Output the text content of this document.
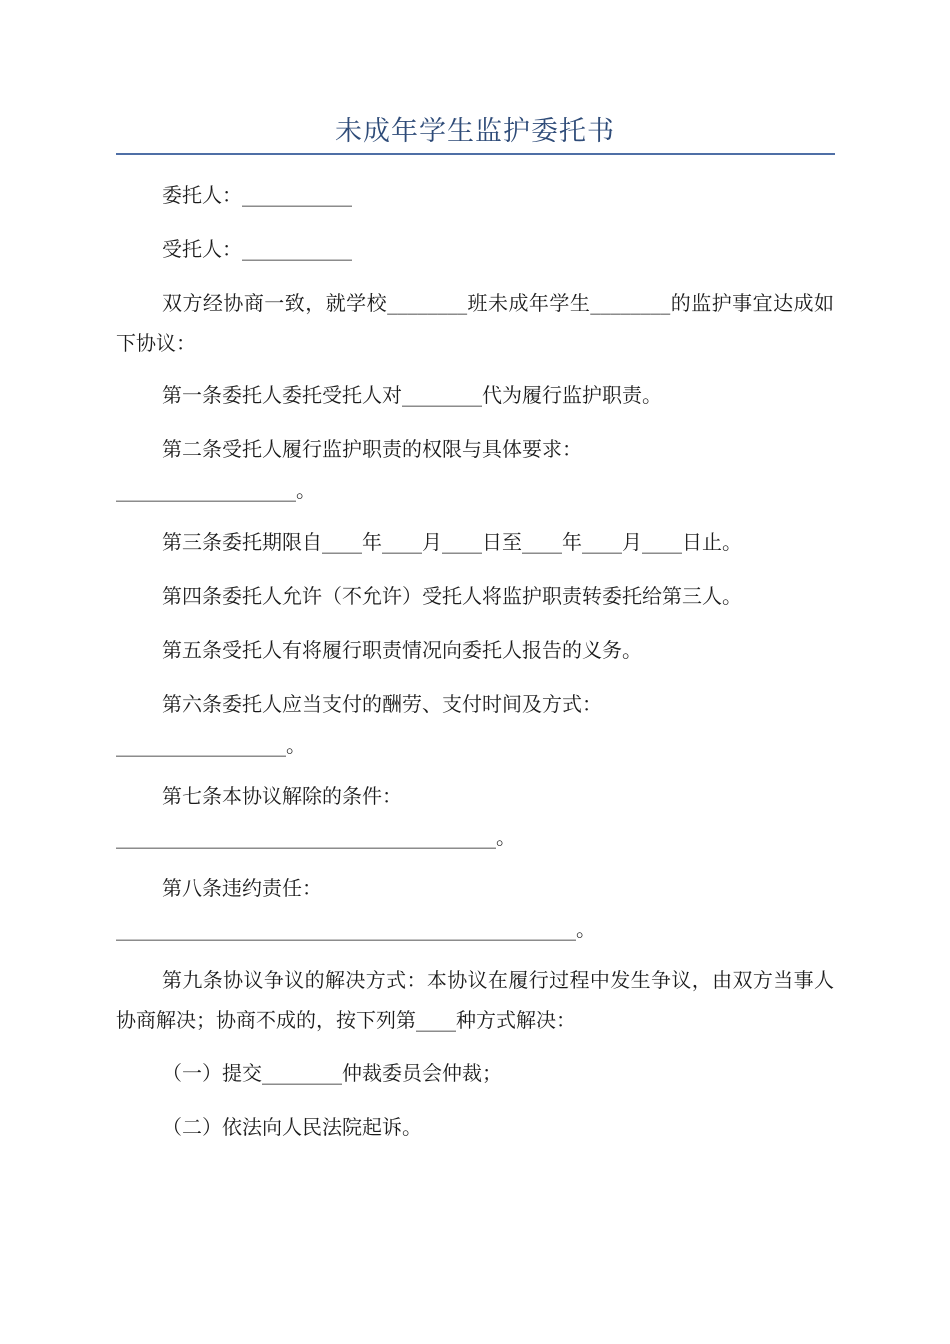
未成年学生监护委托书

委托人：___________

受托人：___________

双方经协商一致，就学校________班未成年学生________的监护事宜达成如下协议：

第一条委托人委托受托人对________代为履行监护职责。

第二条受托人履行监护职责的权限与具体要求：

__________________。

第三条委托期限自____年____月____日至____年____月____日止。

第四条委托人允许（不允许）受托人将监护职责转委托给第三人。

第五条受托人有将履行职责情况向委托人报告的义务。

第六条委托人应当支付的酬劳、支付时间及方式：

_________________。

第七条本协议解除的条件：

______________________________________。

第八条违约责任：

______________________________________________。

第九条协议争议的解决方式：本协议在履行过程中发生争议，由双方当事人协商解决；协商不成的，按下列第____种方式解决：

（一）提交________仲裁委员会仲裁；

（二）依法向人民法院起诉。
